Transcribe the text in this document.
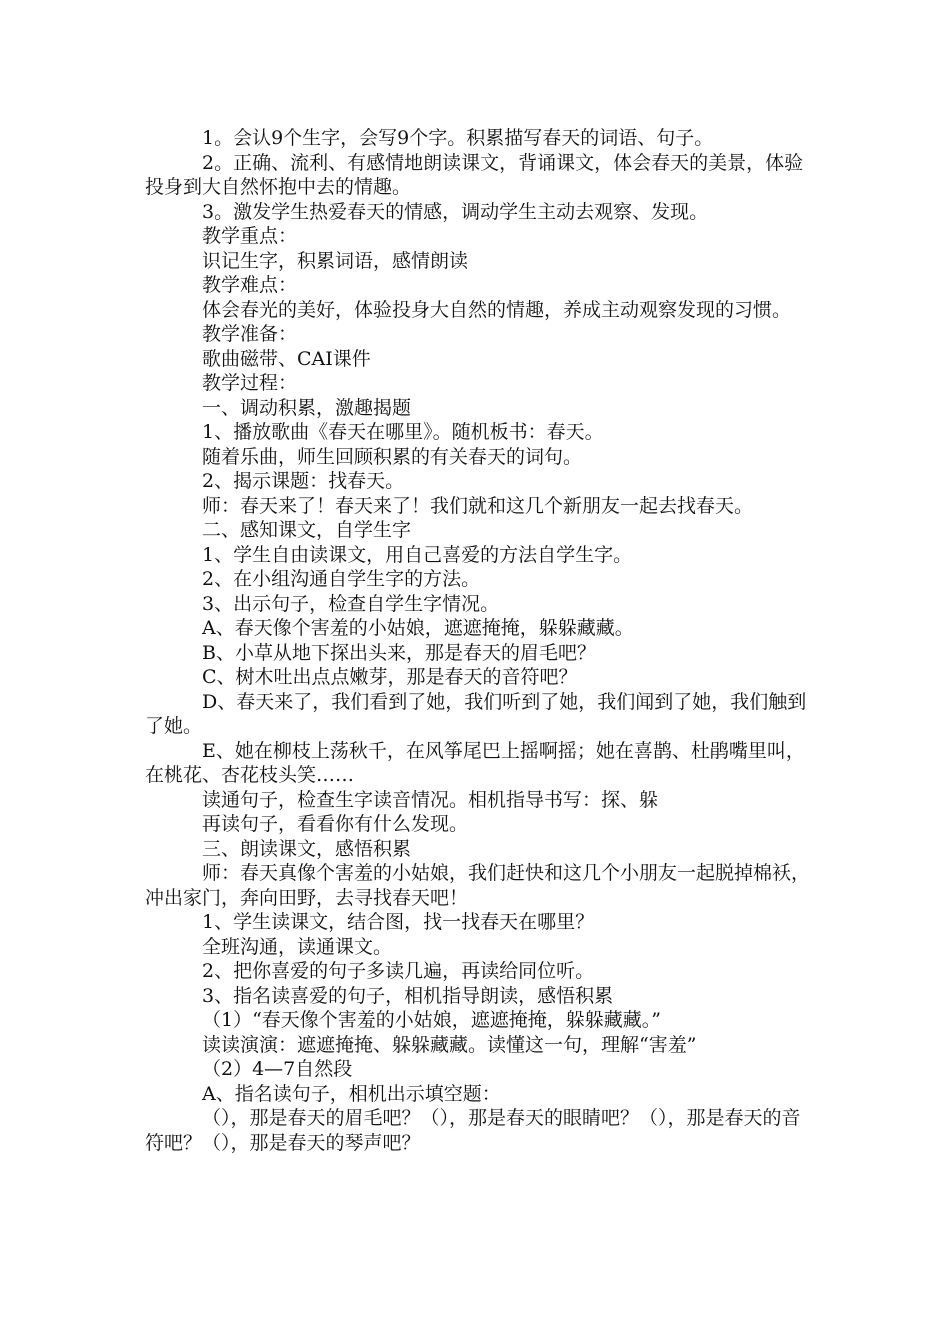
1。会认9个生字，会写9个字。积累描写春天的词语、句子。

2。正确、流利、有感情地朗读课文，背诵课文，体会春天的美景，体验投身到大自然怀抱中去的情趣。

3。激发学生热爱春天的情感，调动学生主动去观察、发现。

教学重点：

识记生字，积累词语，感情朗读

教学难点：

体会春光的美好，体验投身大自然的情趣，养成主动观察发现的习惯。

教学准备：

歌曲磁带、CAI课件

教学过程：

一、调动积累，激趣揭题

1、播放歌曲《春天在哪里》。随机板书：春天。

随着乐曲，师生回顾积累的有关春天的词句。

2、揭示课题：找春天。

师：春天来了！春天来了！我们就和这几个新朋友一起去找春天。

二、感知课文，自学生字

1、学生自由读课文，用自己喜爱的方法自学生字。

2、在小组沟通自学生字的方法。

3、出示句子，检查自学生字情况。

A、春天像个害羞的小姑娘，遮遮掩掩，躲躲藏藏。

B、小草从地下探出头来，那是春天的眉毛吧？

C、树木吐出点点嫩芽，那是春天的音符吧？

D、春天来了，我们看到了她，我们听到了她，我们闻到了她，我们触到了她。

E、她在柳枝上荡秋千，在风筝尾巴上摇啊摇；她在喜鹊、杜鹃嘴里叫，在桃花、杏花枝头笑……

读通句子，检查生字读音情况。相机指导书写：探、躲

再读句子，看看你有什么发现。

三、朗读课文，感悟积累

师：春天真像个害羞的小姑娘，我们赶快和这几个小朋友一起脱掉棉袄，冲出家门，奔向田野，去寻找春天吧！

1、学生读课文，结合图，找一找春天在哪里？

全班沟通，读通课文。

2、把你喜爱的句子多读几遍，再读给同位听。

3、指名读喜爱的句子，相机指导朗读，感悟积累

（1）“春天像个害羞的小姑娘，遮遮掩掩，躲躲藏藏。”

读读演演：遮遮掩掩、躲躲藏藏。读懂这一句，理解“害羞”

（2）4—7自然段

A、指名读句子，相机出示填空题：

（），那是春天的眉毛吧？（），那是春天的眼睛吧？（），那是春天的音符吧？（），那是春天的琴声吧？
